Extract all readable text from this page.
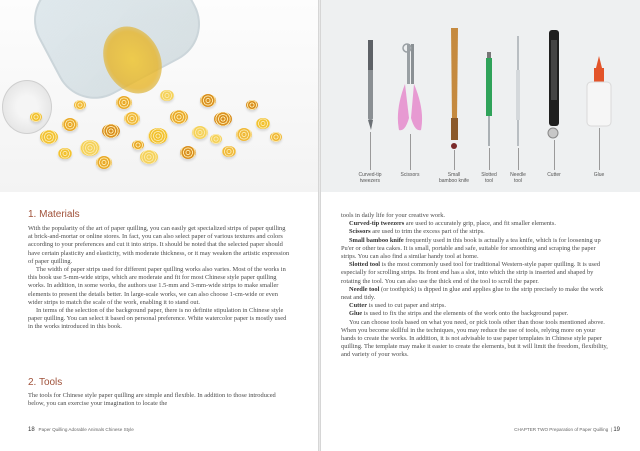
1. Materials

With the popularity of the art of paper quilling, you can easily get specialized strips of paper quilling at brick-and-mortar or online stores. In fact, you can also select paper of various textures and colors according to your preferences and cut it into strips. It should be noted that the selected paper should have certain plasticity and elasticity, with moderate thickness, or it may weaken the artistic expression of paper quilling.

The width of paper strips used for different paper quilling works also varies. Most of the works in this book use 5-mm-wide strips, which are moderate and fit for most Chinese style paper quilling works. In addition, in some works, the authors use 1.5-mm and 3-mm-wide strips to make smaller elements to present the details better. In large-scale works, we can also choose 1-cm-wide or even wider strips to match the scale of the work, enabling it to stand out.

In terms of the selection of the background paper, there is no definite stipulation in Chinese style paper quilling. You can select it based on personal preference. White watercolor paper is mostly used in the works introduced in this book.

2. Tools

The tools for Chinese style paper quilling are simple and flexible. In addition to those introduced below, you can exercise your imagination to locate the

18 Paper Quilling Adorable Animals Chinese Style
Curved-tip
tweezers
Scissors	Small
bamboo knife
Slotted
tool
Needle
tool
Cutter	Glue

tools in daily life for your creative work.

Curved-tip tweezers are used to accurately grip, place, and fit smaller elements.

Scissors are used to trim the excess part of the strips.

Small bamboo knife frequently used in this book is actually a tea knife, which is for loosening up Pu'er or other tea cakes. It is small, portable and safe, suitable for smoothing and scraping the paper strips. You can also find a similar handy tool at home.

Slotted tool is the most commonly used tool for traditional Western-style paper quilling. It is used especially for scrolling strips. Its front end has a slot, into which the strip is inserted and shaped by rotating the tool. You can also use the thick end of the tool to scroll the paper.

Needle tool (or toothpick) is dipped in glue and applies glue to the strip precisely to make the work neat and tidy.

Cutter is used to cut paper and strips.

Glue is used to fix the strips and the elements of the work onto the background paper.

You can choose tools based on what you need, or pick tools other than those tools mentioned above. When you become skillful in the techniques, you may reduce the use of tools, relying more on your hands to create the works. In addition, it is not advisable to use paper templates in Chinese style paper quilling. The template may make it easier to create the elements, but it will limit the freedom, flexibility, and variety of your works.

CHAPTER TWO Preparation of Paper Quilling  | 19
